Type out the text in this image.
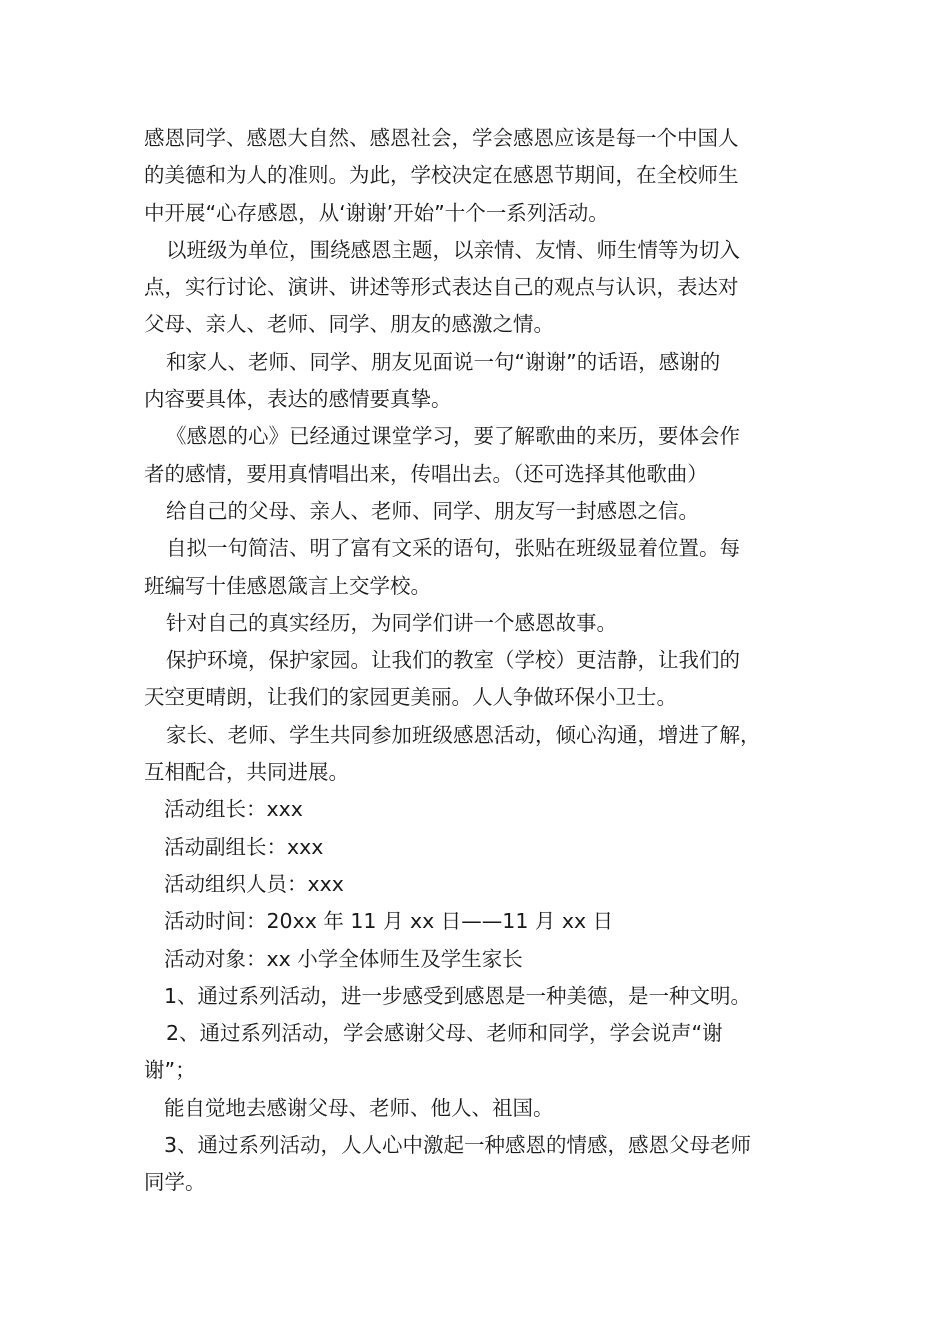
感恩同学、感恩大自然、感恩社会，学会感恩应该是每一个中国人
的美德和为人的准则。为此，学校决定在感恩节期间，在全校师生
中开展“心存感恩，从‘谢谢’开始”十个一系列活动。
以班级为单位，围绕感恩主题，以亲情、友情、师生情等为切入
点，实行讨论、演讲、讲述等形式表达自己的观点与认识，表达对
父母、亲人、老师、同学、朋友的感激之情。
和家人、老师、同学、朋友见面说一句“谢谢”的话语，感谢的
内容要具体，表达的感情要真挚。
《感恩的心》已经通过课堂学习，要了解歌曲的来历，要体会作
者的感情，要用真情唱出来，传唱出去。（还可选择其他歌曲）
给自己的父母、亲人、老师、同学、朋友写一封感恩之信。
自拟一句简洁、明了富有文采的语句，张贴在班级显着位置。每
班编写十佳感恩箴言上交学校。
针对自己的真实经历，为同学们讲一个感恩故事。
保护环境，保护家园。让我们的教室（学校）更洁静，让我们的
天空更晴朗，让我们的家园更美丽。人人争做环保小卫士。
家长、老师、学生共同参加班级感恩活动，倾心沟通，增进了解，
互相配合，共同进展。
活动组长：xxx
活动副组长：xxx
活动组织人员：xxx
活动时间：20xx 年 11 月 xx 日——11 月 xx 日
活动对象：xx 小学全体师生及学生家长
1、通过系列活动，进一步感受到感恩是一种美德，是一种文明。
2、通过系列活动，学会感谢父母、老师和同学，学会说声“谢
谢”；
能自觉地去感谢父母、老师、他人、祖国。
3、通过系列活动，人人心中激起一种感恩的情感，感恩父母老师
同学。
